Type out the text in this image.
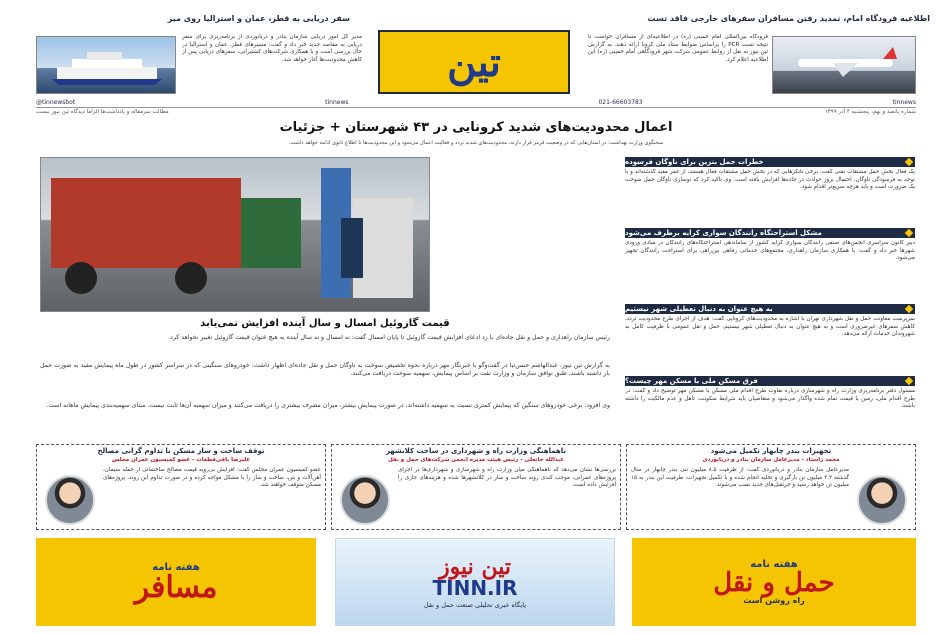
سفر دریایی به قطر، عمان و استرالیا روی میز	اطلاعیه فرودگاه امام، تمدید رفتن مسافران سفرهای خارجی فاقد تست
مدیر کل امور دریایی سازمان بنادر و دریانوردی از برنامه‌ریزی برای سفر دریایی به مقاصد جدید خبر داد و گفت: مسیرهای قطر، عمان و استرالیا در حال بررسی است و با همکاری شرکت‌های کشتیرانی، سفرهای دریایی پس از کاهش محدودیت‌ها آغاز خواهد شد. تین
فرودگاه بین‌المللی امام خمینی (ره) در اطلاعیه‌ای از مسافران خواست تا نتیجه تست PCR را براساس ضوابط ستاد ملی کرونا ارائه دهند. به گزارش تین نیوز به نقل از روابط عمومی شرکت شهر فرودگاهی امام خمینی (ره) این اطلاعیه اعلام کرد.
@tinnewsbot	tinnews	021-66603783	tinnews
شماره پانصد و نهم، پنجشنبه ۴ آذر ۱۳۹۹
مطالب سرمقاله و یادداشت‌ها الزاما دیدگاه تین نیوز نیست
اعمال محدودیت‌های شدید کرونایی در ۴۳ شهرستان + جزئیات
سخنگوی وزارت بهداشت: در استان‌هایی که در وضعیت قرمز قرار دارند، محدودیت‌های شدید تردد و فعالیت اعمال می‌شود و این محدودیت‌ها تا اطلاع ثانوی ادامه خواهد داشت.
قیمت گازوئیل امسال و سال آینده افزایش نمی‌یابد
رئیس سازمان راهداری و حمل و نقل جاده‌ای با رد ادعای افزایش قیمت گازوئیل تا پایان امسال گفت: نه امسال و نه سال آینده به هیچ عنوان قیمت گازوئیل تغییر نخواهد کرد.
به گزارش تین نیوز، عبدالهاشم حسن‌نیا در گفت‌وگو با خبرنگار مهر درباره نحوه تخصیص سوخت به ناوگان حمل و نقل جاده‌ای اظهار داشت: خودروهای سنگینی که در سراسر کشور در طول ماه پیمایش مفید به صورت حمل بار داشته باشند، طبق توافق سازمان و وزارت نفت بر اساس پیمایش، سهمیه سوخت دریافت می‌کنند.
وی افزود: برخی خودروهای سنگین که پیمایش کمتری نسبت به سهمیه داشته‌اند، در صورت پیمایش بیشتر، میزان مصرف بیشتری را دریافت می‌کنند و میزان سهمیه آن‌ها ثابت نیست. مبنای سهمیه‌بندی پیمایش ماهانه است.
خطرات حمل بنزین برای ناوگان فرسوده
یک فعال بخش حمل مشتقات نفتی گفت: برخی تانکرهایی که در بخش حمل مشتقات فعال هستند، از عمر مفید گذشته‌اند و با توجه به فرسودگی ناوگان، احتمال بروز حوادث در جاده‌ها افزایش یافته است. وی تاکید کرد که نوسازی ناوگان حمل سوخت یک ضرورت است و باید هرچه سریع‌تر اقدام شود.
مشکل استراحتگاه رانندگان سواری کرایه برطرف می‌شود
دبیر کانون سراسری انجمن‌های صنفی رانندگان سواری کرایه کشور از ساماندهی استراحتگاه‌های رانندگان در مبادی ورودی شهرها خبر داد و گفت: با همکاری سازمان راهداری، مجتمع‌های خدماتی رفاهی بین‌راهی برای استراحت رانندگان تجهیز می‌شود.
به هیچ عنوان به دنبال تعطیلی شهر نیستیم
سرپرست معاونت حمل و نقل شهرداری تهران با اشاره به محدودیت‌های کرونایی گفت: هدف از اجرای طرح محدودیت تردد، کاهش سفرهای غیرضروری است و به هیچ عنوان به دنبال تعطیلی شهر نیستیم. حمل و نقل عمومی با ظرفیت کامل به شهروندان خدمات ارائه می‌دهد.
فرق مسکن ملی با مسکن مهر چیست؟
مسئول دفتر برنامه‌ریزی وزارت راه و شهرسازی درباره تفاوت طرح اقدام ملی مسکن با مسکن مهر توضیح داد و گفت: در طرح اقدام ملی، زمین با قیمت تمام شده واگذار می‌شود و متقاضیان باید شرایط سکونت، تاهل و عدم مالکیت را داشته باشند.
تجهیزات بندر چابهار تکمیل می‌شود
محمد راستاد - مدیرعامل سازمان بنادر و دریانوردی
مدیرعامل سازمان بنادر و دریانوردی گفت: از ظرفیت ۸.۵ میلیون تنی بندر چابهار در سال گذشته ۲.۳ میلیون تن بارگیری و تخلیه انجام شده و با تکمیل تجهیزات، ظرفیت این بندر به ۱۵ میلیون تن خواهد رسید و جرثقیل‌های جدید نصب می‌شوند.
ناهماهنگی وزارت راه و شهرداری در ساخت کلانشهر
عبدالله خانعلی - رئیس هیئت مدیره انجمن شرکت‌های حمل و نقل
بررسی‌ها نشان می‌دهد که ناهماهنگی میان وزارت راه و شهرسازی و شهرداری‌ها در اجرای پروژه‌های عمرانی، موجب کندی روند ساخت و ساز در کلانشهرها شده و هزینه‌های جاری را افزایش داده است.
توقف ساخت و ساز مسکن با تداوم گرانی مصالح
علیرضا باقی‌قطعات - عضو کمیسیون عمران مجلس
عضو کمیسیون عمران مجلس گفت: افزایش بی‌رویه قیمت مصالح ساختمانی از جمله سیمان، آهن‌آلات و بتن، ساخت و ساز را با مشکل مواجه کرده و در صورت تداوم این روند، پروژه‌های مسکن متوقف خواهند شد.
هفته نامه
مسافر
تین نیوز
TINN.IR
پایگاه خبری تحلیلی صنعت حمل و نقل
هفته نامه
حمل و نقل
راه روشن است
